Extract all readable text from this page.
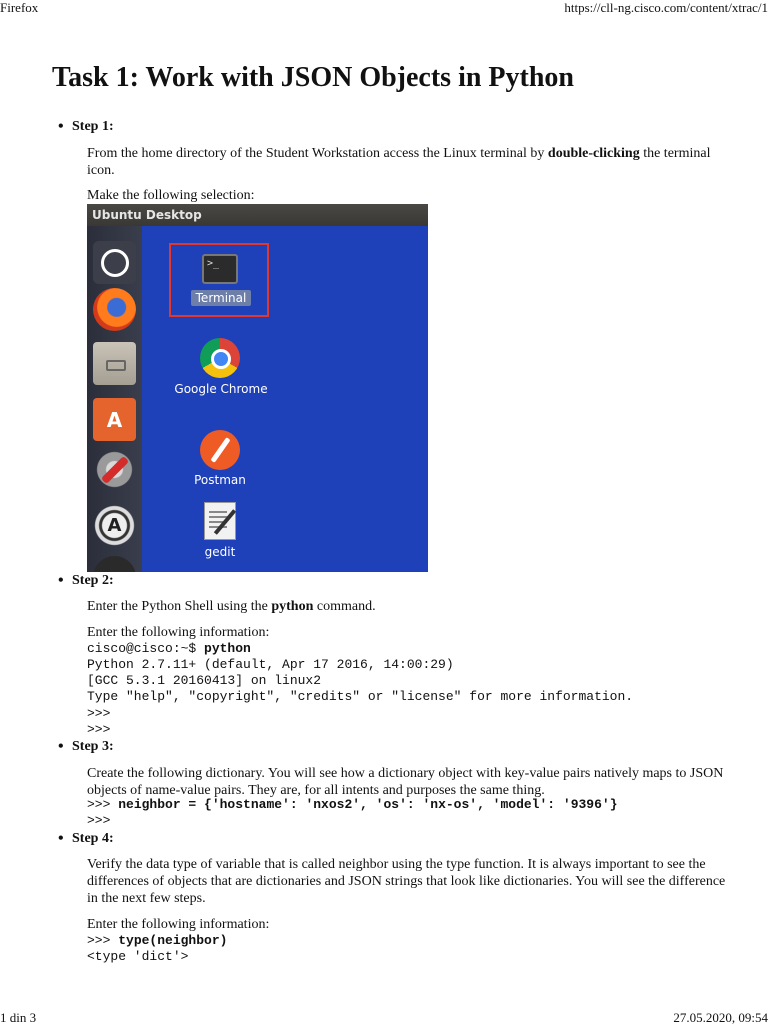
Firefox	https://cll-ng.cisco.com/content/xtrac/1
Task 1: Work with JSON Objects in Python
• Step 1:
From the home directory of the Student Workstation access the Linux terminal by double-clicking the terminal icon.
Make the following selection:
Ubuntu Desktop
A
A
>_
Terminal
Google Chrome
Postman
gedit
• Step 2:
Enter the Python Shell using the python command.
Enter the following information:
cisco@cisco:~$ python
Python 2.7.11+ (default, Apr 17 2016, 14:00:29)
[GCC 5.3.1 20160413] on linux2
Type "help", "copyright", "credits" or "license" for more information.
>>>
>>>
• Step 3:
Create the following dictionary. You will see how a dictionary object with key-value pairs natively maps to JSON objects of name-value pairs. They are, for all intents and purposes the same thing.
>>> neighbor = {'hostname': 'nxos2', 'os': 'nx-os', 'model': '9396'}
>>>
• Step 4:
Verify the data type of variable that is called neighbor using the type function. It is always important to see the differences of objects that are dictionaries and JSON strings that look like dictionaries. You will see the difference in the next few steps.
Enter the following information:
>>> type(neighbor)
<type 'dict'>
1 din 3	27.05.2020, 09:54
